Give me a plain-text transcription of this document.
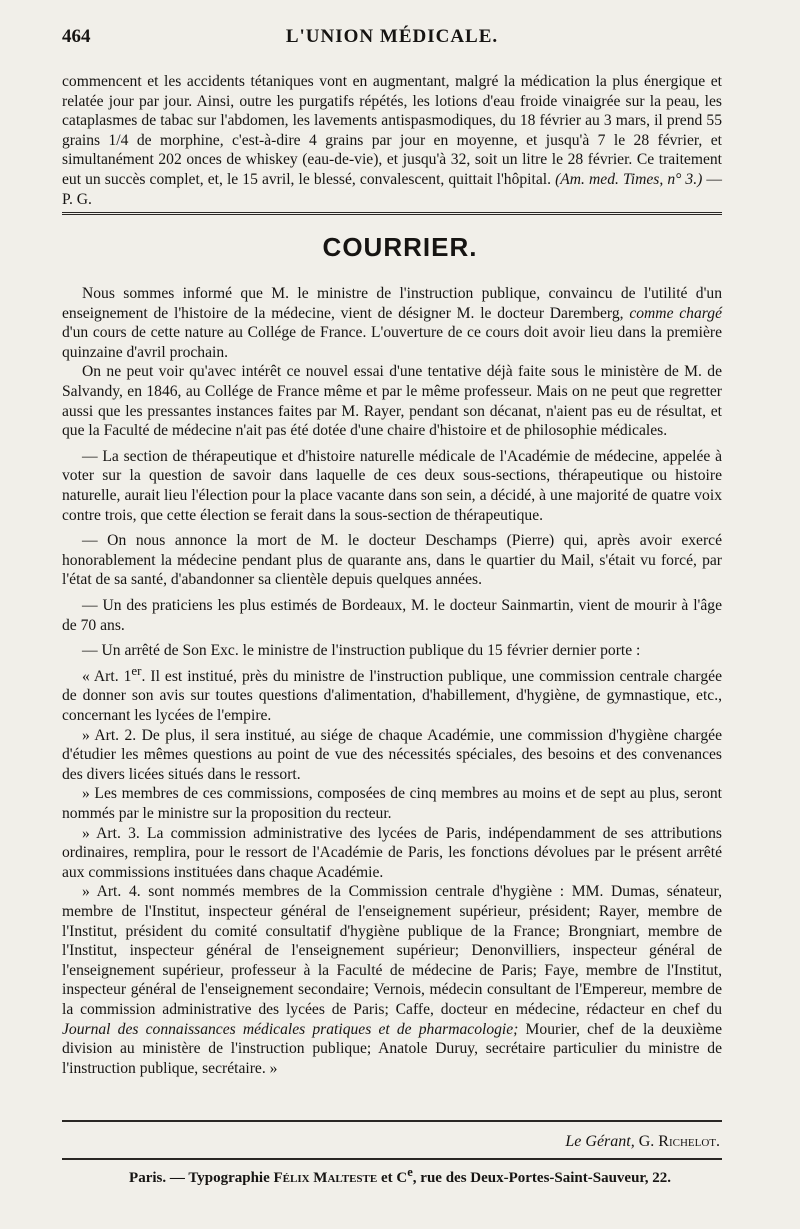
464	L'UNION MÉDICALE.

commencent et les accidents tétaniques vont en augmentant, malgré la médication la plus énergique et relatée jour par jour. Ainsi, outre les purgatifs répétés, les lotions d'eau froide vinaigrée sur la peau, les cataplasmes de tabac sur l'abdomen, les lavements antispasmodiques, du 18 février au 3 mars, il prend 55 grains 1/4 de morphine, c'est-à-dire 4 grains par jour en moyenne, et jusqu'à 7 le 28 février, et simultanément 202 onces de whiskey (eau-de-vie), et jusqu'à 32, soit un litre le 28 février. Ce traitement eut un succès complet, et, le 15 avril, le blessé, convalescent, quittait l'hôpital. (Am. med. Times, n° 3.) — P. G.

COURRIER.

Nous sommes informé que M. le ministre de l'instruction publique, convaincu de l'utilité d'un enseignement de l'histoire de la médecine, vient de désigner M. le docteur Daremberg, comme chargé d'un cours de cette nature au Collége de France. L'ouverture de ce cours doit avoir lieu dans la première quinzaine d'avril prochain.

On ne peut voir qu'avec intérêt ce nouvel essai d'une tentative déjà faite sous le ministère de M. de Salvandy, en 1846, au Collége de France même et par le même professeur. Mais on ne peut que regretter aussi que les pressantes instances faites par M. Rayer, pendant son décanat, n'aient pas eu de résultat, et que la Faculté de médecine n'ait pas été dotée d'une chaire d'histoire et de philosophie médicales.

— La section de thérapeutique et d'histoire naturelle médicale de l'Académie de médecine, appelée à voter sur la question de savoir dans laquelle de ces deux sous-sections, thérapeutique ou histoire naturelle, aurait lieu l'élection pour la place vacante dans son sein, a décidé, à une majorité de quatre voix contre trois, que cette élection se ferait dans la sous-section de thérapeutique.

— On nous annonce la mort de M. le docteur Deschamps (Pierre) qui, après avoir exercé honorablement la médecine pendant plus de quarante ans, dans le quartier du Mail, s'était vu forcé, par l'état de sa santé, d'abandonner sa clientèle depuis quelques années.

— Un des praticiens les plus estimés de Bordeaux, M. le docteur Sainmartin, vient de mourir à l'âge de 70 ans.

— Un arrêté de Son Exc. le ministre de l'instruction publique du 15 février dernier porte :

« Art. 1er. Il est institué, près du ministre de l'instruction publique, une commission centrale chargée de donner son avis sur toutes questions d'alimentation, d'habillement, d'hygiène, de gymnastique, etc., concernant les lycées de l'empire.

» Art. 2. De plus, il sera institué, au siége de chaque Académie, une commission d'hygiène chargée d'étudier les mêmes questions au point de vue des nécessités spéciales, des besoins et des convenances des divers licées situés dans le ressort.

» Les membres de ces commissions, composées de cinq membres au moins et de sept au plus, seront nommés par le ministre sur la proposition du recteur.

» Art. 3. La commission administrative des lycées de Paris, indépendamment de ses attributions ordinaires, remplira, pour le ressort de l'Académie de Paris, les fonctions dévolues par le présent arrêté aux commissions instituées dans chaque Académie.

» Art. 4. sont nommés membres de la Commission centrale d'hygiène : MM. Dumas, sénateur, membre de l'Institut, inspecteur général de l'enseignement supérieur, président; Rayer, membre de l'Institut, président du comité consultatif d'hygiène publique de la France; Brongniart, membre de l'Institut, inspecteur général de l'enseignement supérieur; Denonvilliers, inspecteur général de l'enseignement supérieur, professeur à la Faculté de médecine de Paris; Faye, membre de l'Institut, inspecteur général de l'enseignement secondaire; Vernois, médecin consultant de l'Empereur, membre de la commission administrative des lycées de Paris; Caffe, docteur en médecine, rédacteur en chef du Journal des connaissances médicales pratiques et de pharmacologie; Mourier, chef de la deuxième division au ministère de l'instruction publique; Anatole Duruy, secrétaire particulier du ministre de l'instruction publique, secrétaire. »

Le Gérant, G. Richelot.
Paris. — Typographie Félix Malteste et Ce, rue des Deux-Portes-Saint-Sauveur, 22.
